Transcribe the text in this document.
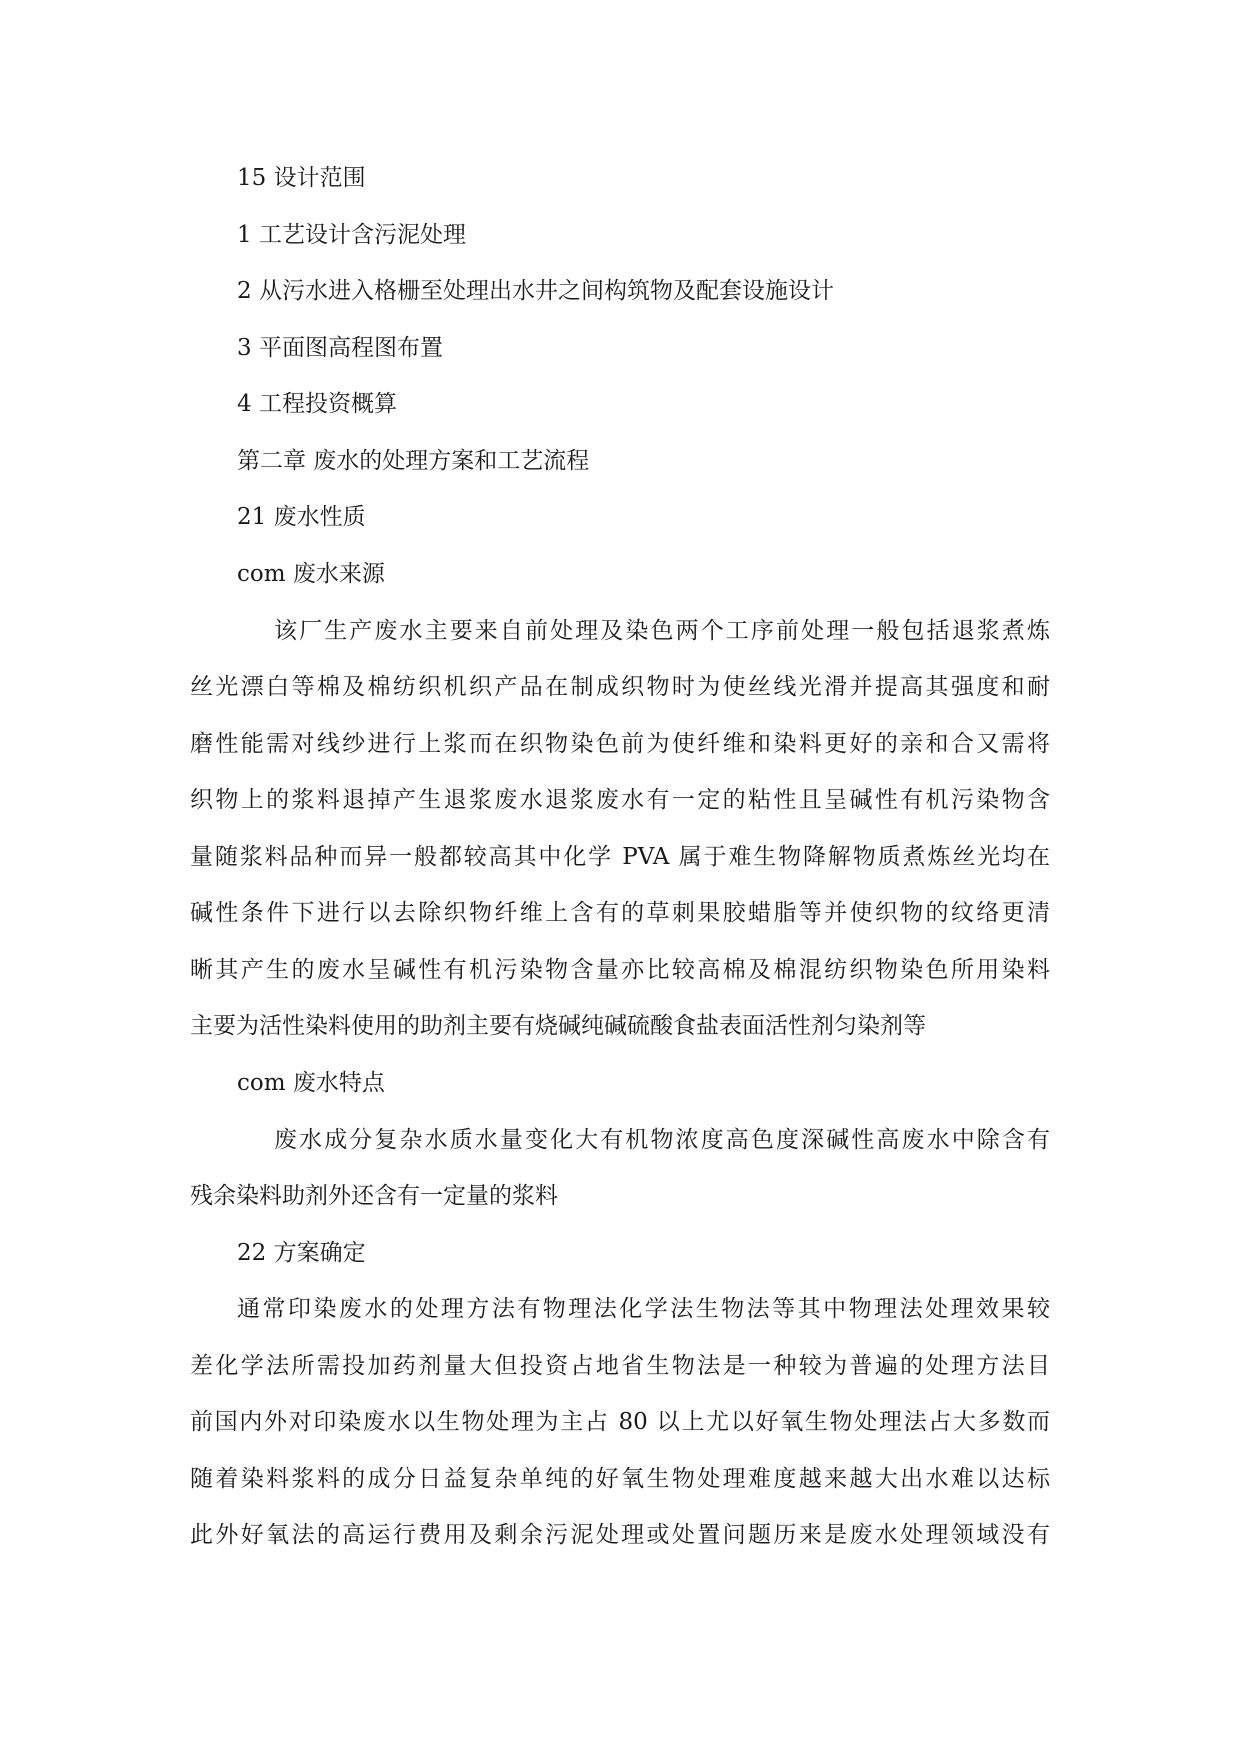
15 设计范围
1 工艺设计含污泥处理
2 从污水进入格栅至处理出水井之间构筑物及配套设施设计
3 平面图高程图布置
4 工程投资概算
第二章 废水的处理方案和工艺流程
21 废水性质
com 废水来源
该厂生产废水主要来自前处理及染色两个工序前处理一般包括退浆煮炼
丝光漂白等棉及棉纺织机织产品在制成织物时为使丝线光滑并提高其强度和耐
磨性能需对线纱进行上浆而在织物染色前为使纤维和染料更好的亲和合又需将
织物上的浆料退掉产生退浆废水退浆废水有一定的粘性且呈碱性有机污染物含
量随浆料品种而异一般都较高其中化学 PVA 属于难生物降解物质煮炼丝光均在
碱性条件下进行以去除织物纤维上含有的草刺果胶蜡脂等并使织物的纹络更清
晰其产生的废水呈碱性有机污染物含量亦比较高棉及棉混纺织物染色所用染料
主要为活性染料使用的助剂主要有烧碱纯碱硫酸食盐表面活性剂匀染剂等
com 废水特点
废水成分复杂水质水量变化大有机物浓度高色度深碱性高废水中除含有
残余染料助剂外还含有一定量的浆料
22 方案确定
通常印染废水的处理方法有物理法化学法生物法等其中物理法处理效果较
差化学法所需投加药剂量大但投资占地省生物法是一种较为普遍的处理方法目
前国内外对印染废水以生物处理为主占 80 以上尤以好氧生物处理法占大多数而
随着染料浆料的成分日益复杂单纯的好氧生物处理难度越来越大出水难以达标
此外好氧法的高运行费用及剩余污泥处理或处置问题历来是废水处理领域没有
